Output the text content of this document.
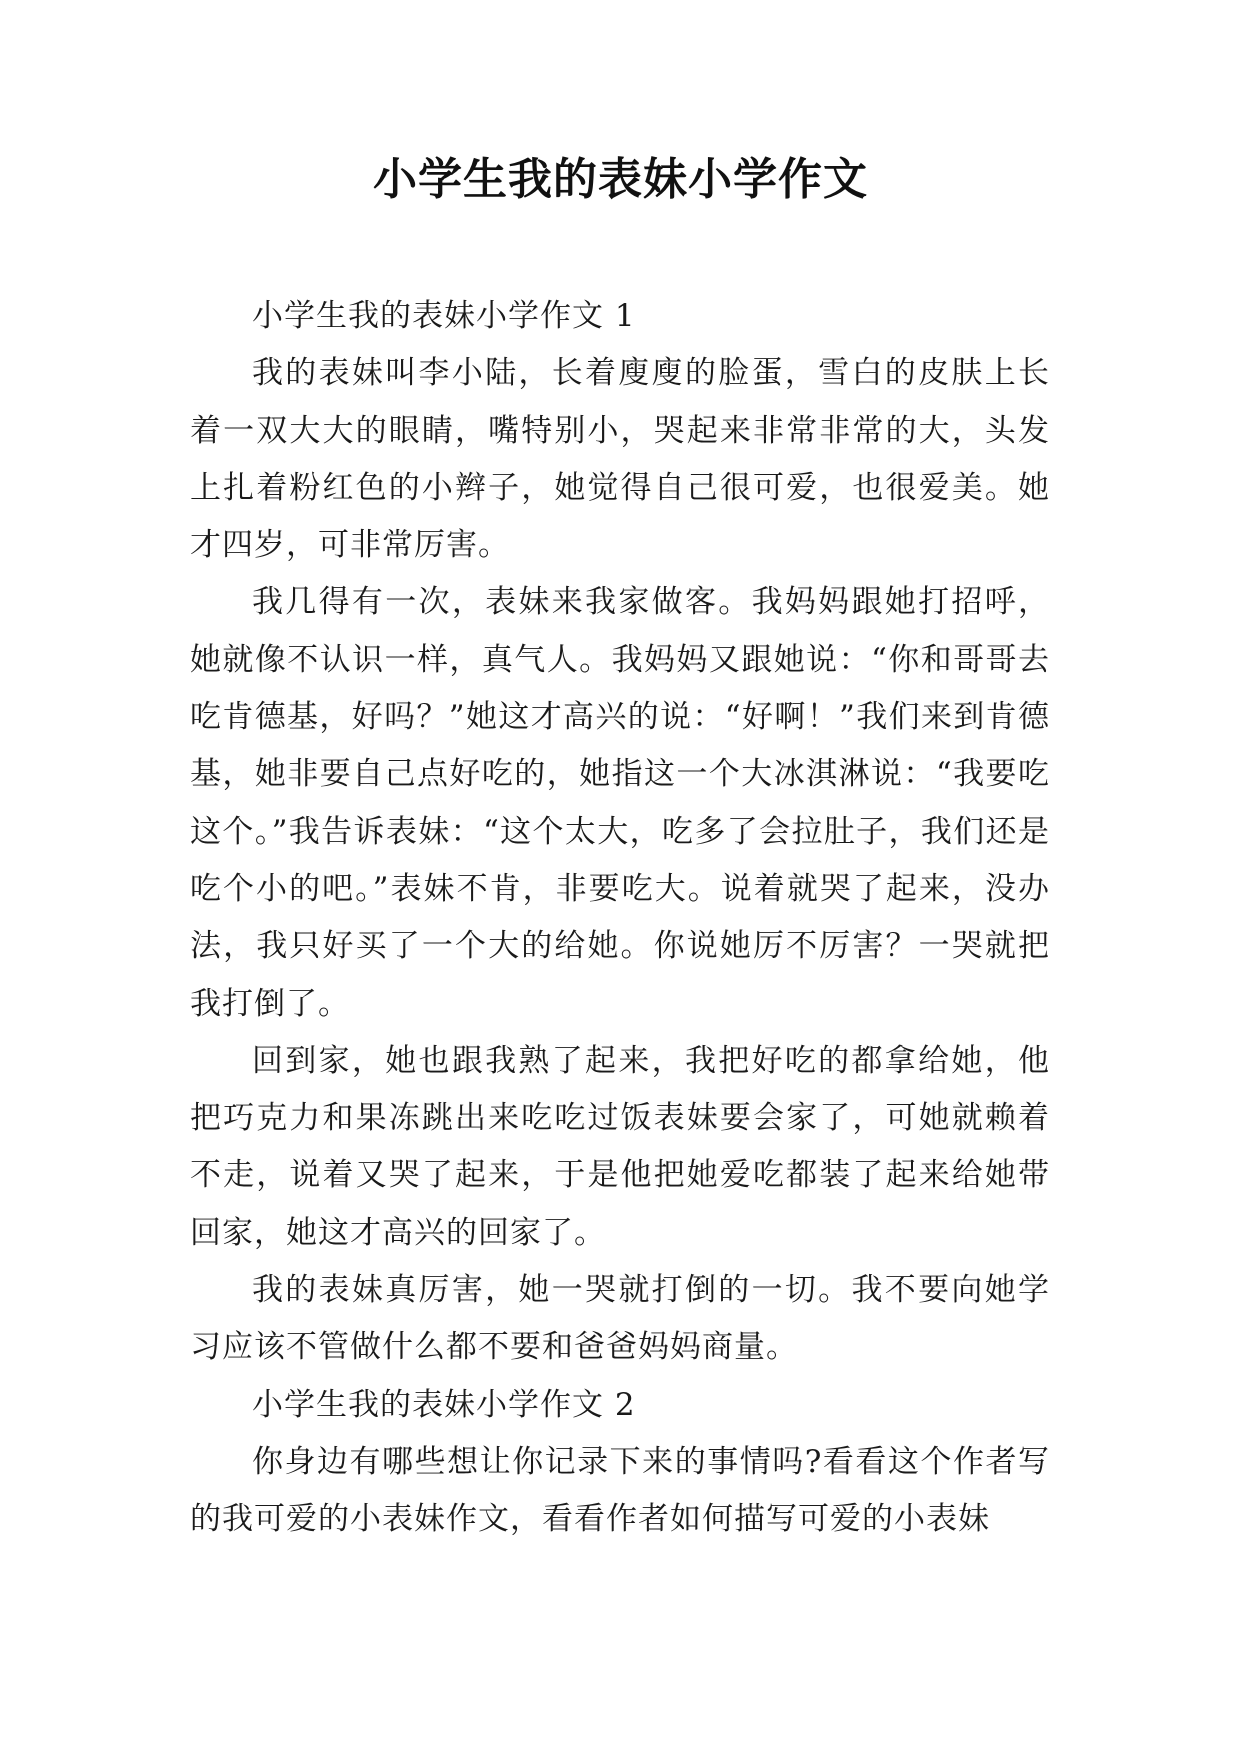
小学生我的表妹小学作文

小学生我的表妹小学作文 1

我的表妹叫李小陆，长着廋廋的脸蛋，雪白的皮肤上长着一双大大的眼睛，嘴特别小，哭起来非常非常的大，头发上扎着粉红色的小辫子，她觉得自己很可爱，也很爱美。她才四岁，可非常厉害。

我几得有一次，表妹来我家做客。我妈妈跟她打招呼，她就像不认识一样，真气人。我妈妈又跟她说：“你和哥哥去吃肯德基，好吗？”她这才高兴的说：“好啊！”我们来到肯德基，她非要自己点好吃的，她指这一个大冰淇淋说：“我要吃这个。”我告诉表妹：“这个太大，吃多了会拉肚子，我们还是吃个小的吧。”表妹不肯，非要吃大。说着就哭了起来，没办法，我只好买了一个大的给她。你说她厉不厉害？一哭就把我打倒了。

回到家，她也跟我熟了起来，我把好吃的都拿给她，他把巧克力和果冻跳出来吃吃过饭表妹要会家了，可她就赖着不走，说着又哭了起来，于是他把她爱吃都装了起来给她带回家，她这才高兴的回家了。

我的表妹真厉害，她一哭就打倒的一切。我不要向她学习应该不管做什么都不要和爸爸妈妈商量。

小学生我的表妹小学作文 2

你身边有哪些想让你记录下来的事情吗?看看这个作者写的我可爱的小表妹作文，看看作者如何描写可爱的小表妹
